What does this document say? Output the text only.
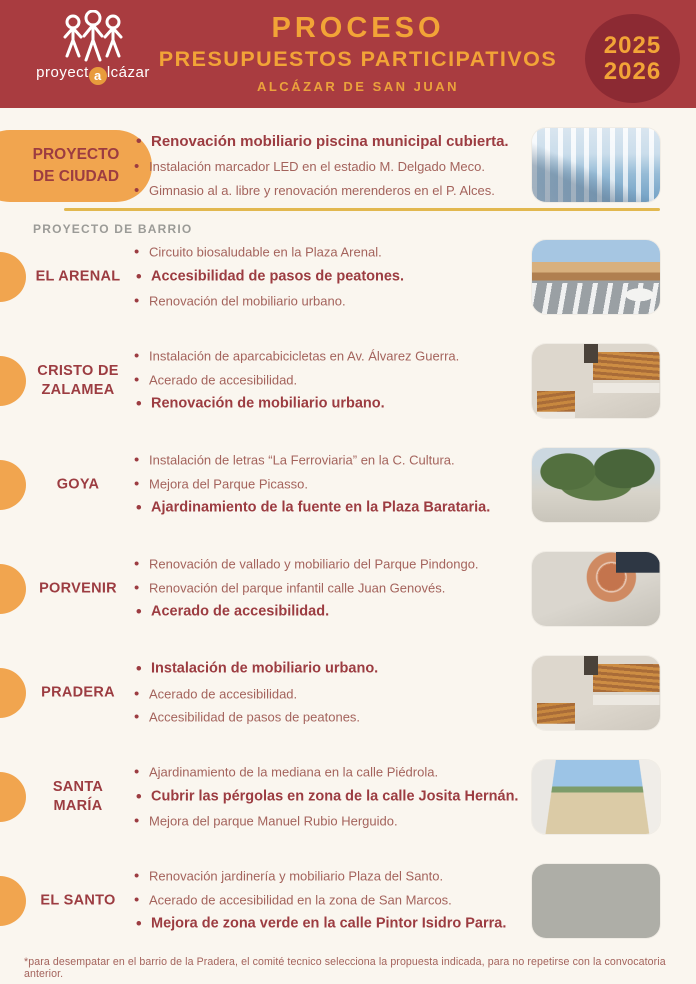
proyect a lcázar
PROCESO
PRESUPUESTOS PARTICIPATIVOS
ALCÁZAR DE SAN JUAN
2025
2026
PROYECTO
DE CIUDAD
• Renovación mobiliario piscina municipal cubierta.
• Instalación marcador LED en el estadio M. Delgado Meco.
• Gimnasio al a. libre y renovación merenderos en el P. Alces.
PROYECTO DE BARRIO
EL ARENAL
• Circuito biosaludable en la Plaza Arenal.
• Accesibilidad de pasos de peatones.
• Renovación del mobiliario urbano.
CRISTO DE ZALAMEA
• Instalación de aparcabicicletas en Av. Álvarez Guerra.
• Acerado de accesibilidad.
• Renovación de mobiliario urbano.
GOYA
• Instalación de letras “La Ferroviaria” en la C. Cultura.
• Mejora del Parque Picasso.
• Ajardinamiento de la fuente en la Plaza Barataria.
PORVENIR
• Renovación de vallado y mobiliario del Parque Pindongo.
• Renovación del parque infantil calle Juan Genovés.
• Acerado de accesibilidad.
PRADERA
• Instalación de mobiliario urbano.
• Acerado de accesibilidad.
• Accesibilidad de pasos de peatones.
SANTA MARÍA
• Ajardinamiento de la mediana en la calle Piédrola.
• Cubrir las pérgolas en zona de la calle Josita Hernán.
• Mejora del parque Manuel Rubio Herguido.
EL SANTO
• Renovación jardinería y mobiliario Plaza del Santo.
• Acerado de accesibilidad en la zona de San Marcos.
• Mejora de zona verde en la calle Pintor Isidro Parra.
*para desempatar en el barrio de la Pradera, el comité tecnico selecciona la propuesta indicada, para no repetirse con la convocatoria anterior.
